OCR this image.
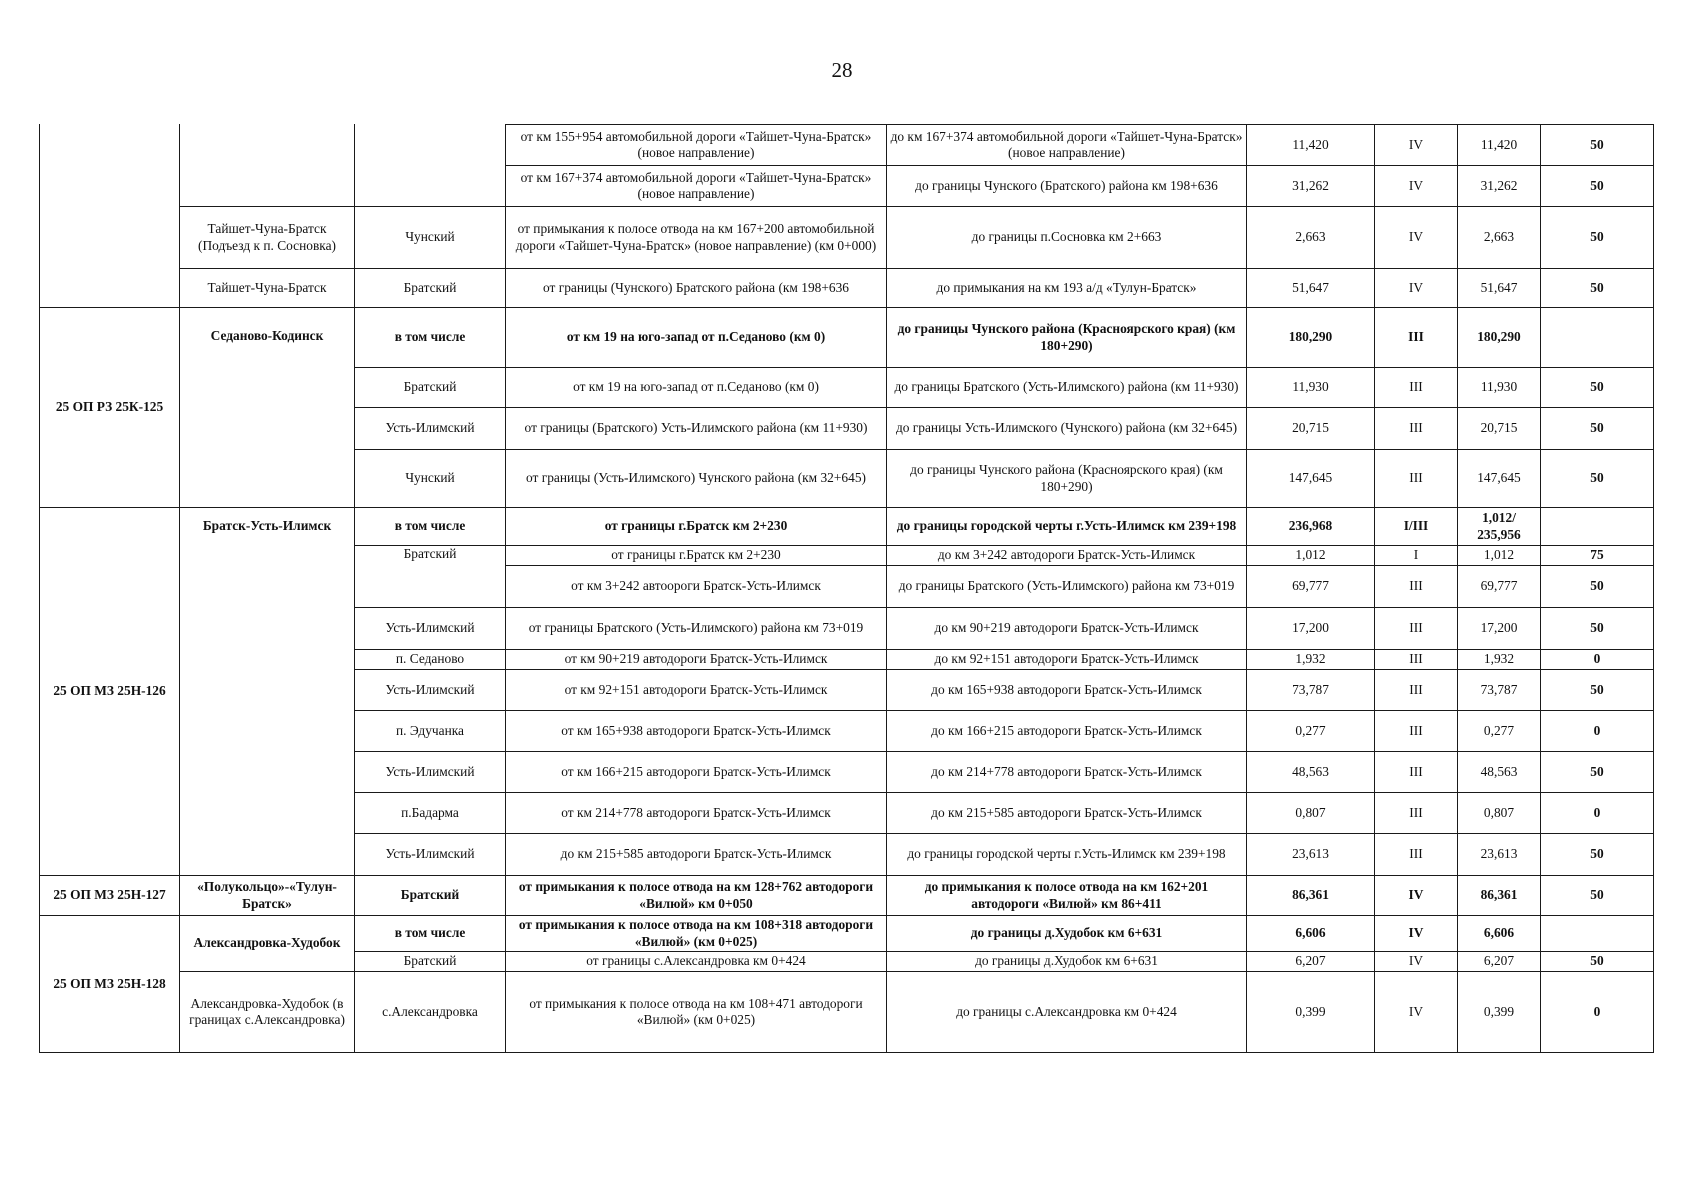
28
			от км 155+954 автомобильной дороги «Тайшет-Чуна-Братск» (новое направление)	до км 167+374 автомобильной дороги «Тайшет-Чуна-Братск» (новое направление)	11,420	IV	11,420	50
			от км 167+374 автомобильной дороги «Тайшет-Чуна-Братск» (новое направление)	до границы Чунского (Братского) района км 198+636	31,262	IV	31,262	50
	Тайшет-Чуна-Братск (Подъезд к п. Сосновка)	Чунский	от примыкания к полосе отвода на км 167+200 автомобильной дороги «Тайшет-Чуна-Братск» (новое направление) (км 0+000)	до границы п.Сосновка км 2+663	2,663	IV	2,663	50
	Тайшет-Чуна-Братск	Братский	от границы (Чунского) Братского района (км 198+636	до примыкания на км 193 а/д «Тулун-Братск»	51,647	IV	51,647	50
25 ОП РЗ 25К-125	Седаново-Кодинск	в том числе	от км 19 на юго-запад от п.Седаново (км 0)	до границы Чунского района (Красноярского края) (км 180+290)	180,290	III	180,290	
		Братский	от км 19 на юго-запад от п.Седаново (км 0)	до границы Братского (Усть-Илимского) района (км 11+930)	11,930	III	11,930	50
		Усть-Илимский	от границы (Братского) Усть-Илимского района (км 11+930)	до границы Усть-Илимского (Чунского) района (км 32+645)	20,715	III	20,715	50
		Чунский	от границы (Усть-Илимского) Чунского района (км 32+645)	до границы Чунского района (Красноярского края) (км 180+290)	147,645	III	147,645	50
25 ОП МЗ 25Н-126	Братск-Усть-Илимск	в том числе	от границы г.Братск км 2+230	до границы городской черты г.Усть-Илимск км 239+198	236,968	I/III	1,012/ 235,956	
		Братский	от границы г.Братск км 2+230	до км 3+242 автодороги Братск-Усть-Илимск	1,012	I	1,012	75
			от км 3+242 автоороги Братск-Усть-Илимск	до границы Братского (Усть-Илимского) района км 73+019	69,777	III	69,777	50
		Усть-Илимский	от границы Братского (Усть-Илимского) района км 73+019	до км 90+219 автодороги Братск-Усть-Илимск	17,200	III	17,200	50
		п. Седаново	от км 90+219 автодороги Братск-Усть-Илимск	до км 92+151 автодороги Братск-Усть-Илимск	1,932	III	1,932	0
		Усть-Илимский	от км 92+151 автодороги Братск-Усть-Илимск	до км 165+938 автодороги Братск-Усть-Илимск	73,787	III	73,787	50
		п. Эдучанка	от км 165+938 автодороги Братск-Усть-Илимск	до км 166+215 автодороги Братск-Усть-Илимск	0,277	III	0,277	0
		Усть-Илимский	от км 166+215 автодороги Братск-Усть-Илимск	до км 214+778 автодороги Братск-Усть-Илимск	48,563	III	48,563	50
		п.Бадарма	от км 214+778 автодороги Братск-Усть-Илимск	до км 215+585 автодороги Братск-Усть-Илимск	0,807	III	0,807	0
		Усть-Илимский	до км 215+585 автодороги Братск-Усть-Илимск	до границы городской черты г.Усть-Илимск км 239+198	23,613	III	23,613	50
25 ОП МЗ 25Н-127	«Полукольцо»-«Тулун-Братск»	Братский	от примыкания к полосе отвода на км 128+762 автодороги «Вилюй» км 0+050	до примыкания к полосе отвода на км 162+201 автодороги «Вилюй» км 86+411	86,361	IV	86,361	50
25 ОП МЗ 25Н-128	Александровка-Худобок	в том числе	от примыкания к полосе отвода на км 108+318 автодороги «Вилюй» (км 0+025)	до границы д.Худобок км 6+631	6,606	IV	6,606	
		Братский	от границы с.Александровка км 0+424	до границы д.Худобок км 6+631	6,207	IV	6,207	50
	Александровка-Худобок (в границах с.Александровка)	с.Александровка	от примыкания к полосе отвода на км 108+471 автодороги «Вилюй» (км 0+025)	до границы с.Александровка км 0+424	0,399	IV	0,399	0
